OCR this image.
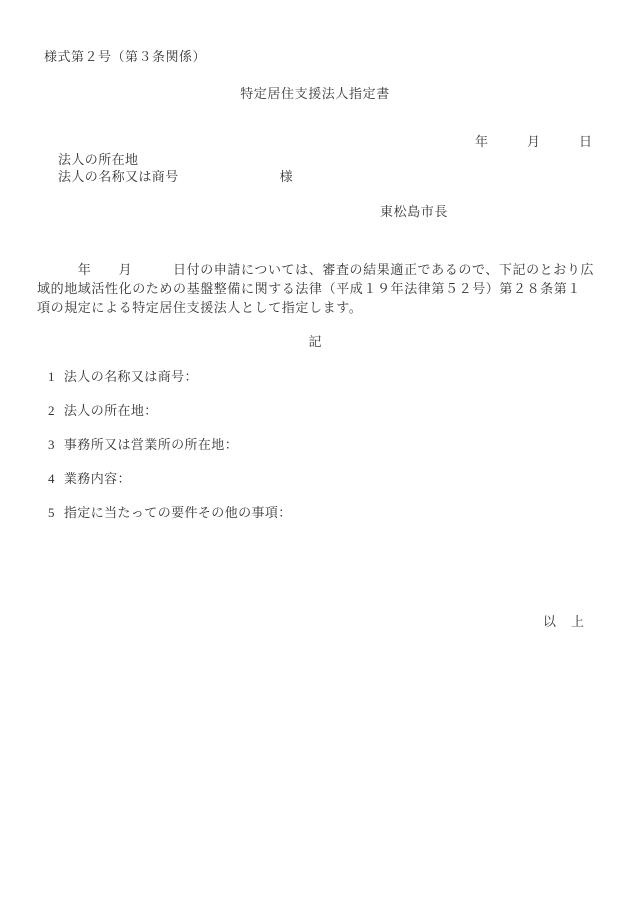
様式第２号（第３条関係）
特定居住支援法人指定書
年　　　月　　　日
法人の所在地
法人の名称又は商号	様
東松島市長
　　　年　　月　　　日付の申請については、審査の結果適正であるので、下記のとおり広
域的地域活性化のための基盤整備に関する法律（平成１９年法律第５２号）第２８条第１
項の規定による特定居住支援法人として指定します。
記
1 法人の名称又は商号：
2 法人の所在地：
3 事務所又は営業所の所在地：
4 業務内容：
5 指定に当たっての要件その他の事項：
以　上
